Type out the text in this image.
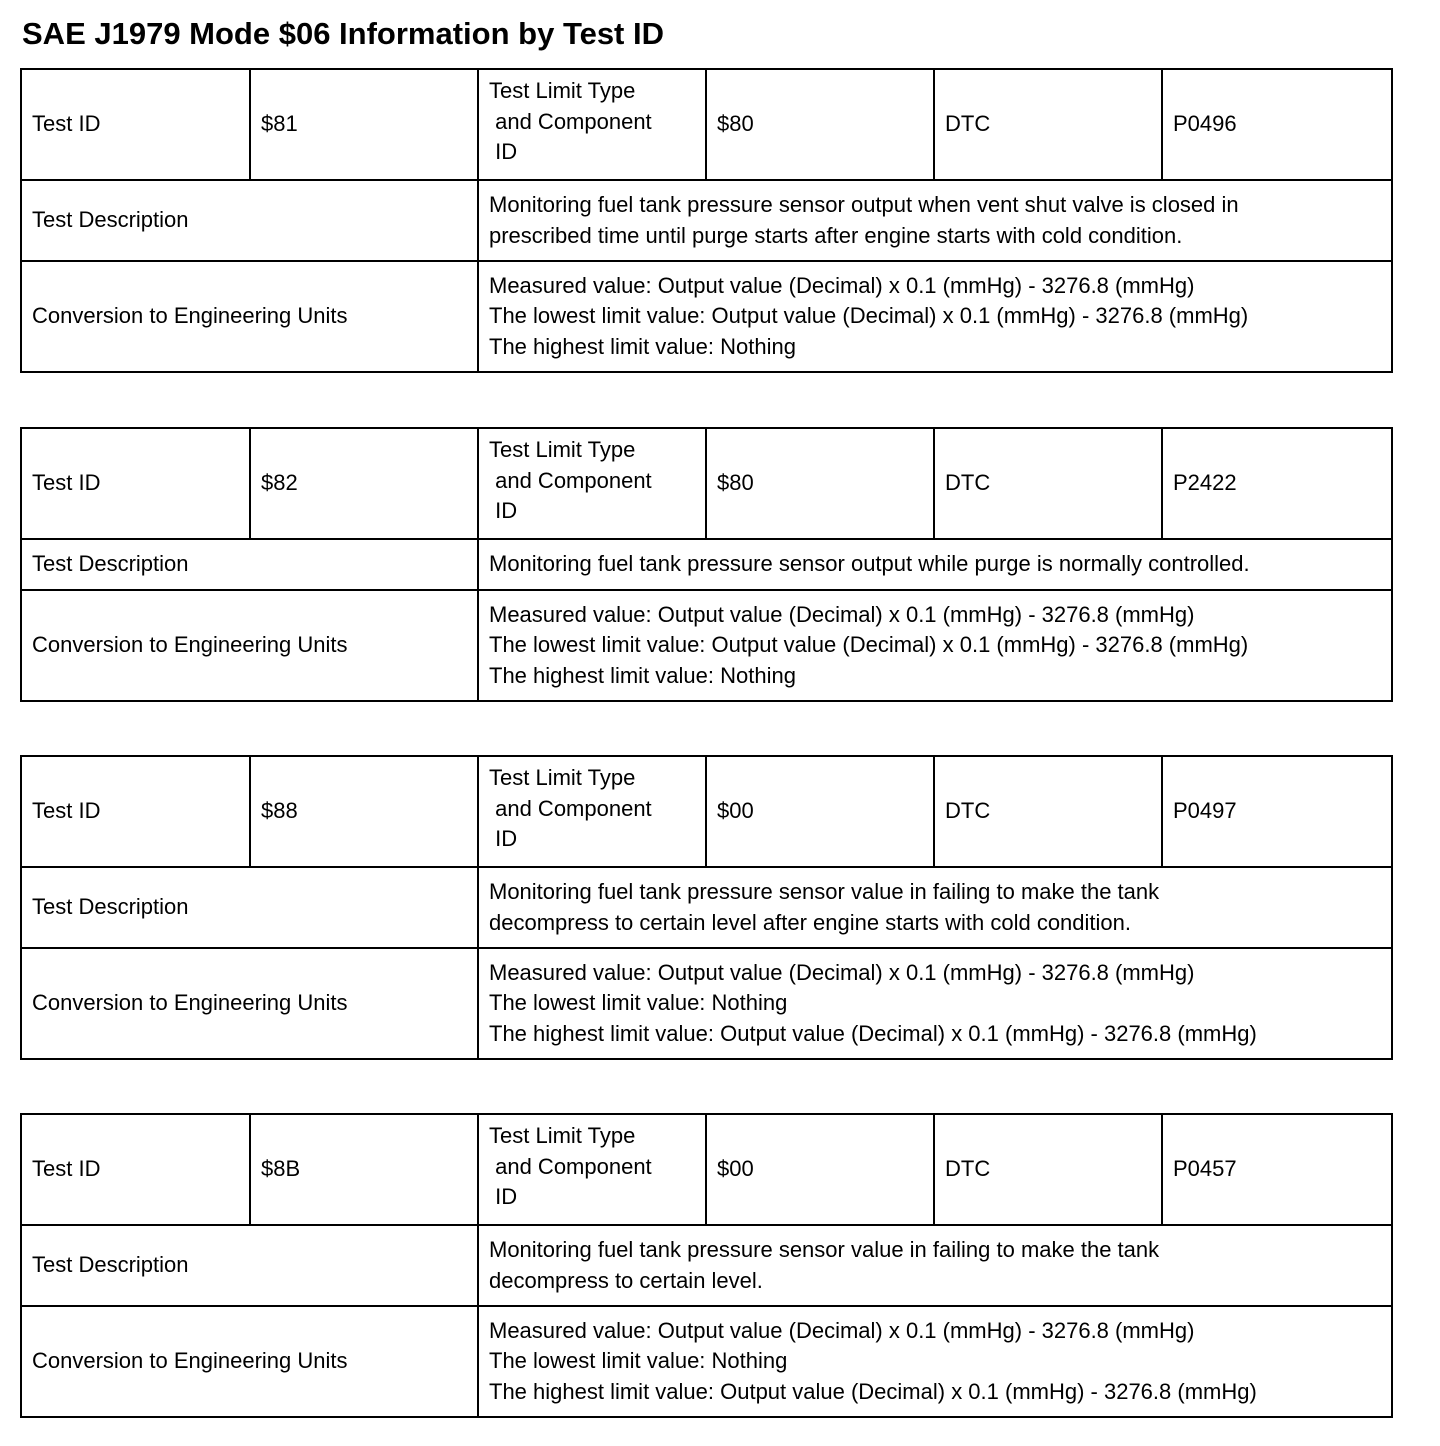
SAE J1979 Mode $06 Information by Test ID
Test ID	$81	Test Limit Type
and Component
ID	$80	DTC	P0496
Test Description		Monitoring fuel tank pressure sensor output when vent shut valve is closed in
prescribed time until purge starts after engine starts with cold condition.			

Conversion to Engineering Units		Measured value: Output value (Decimal) x 0.1 (mmHg) - 3276.8 (mmHg)
The lowest limit value: Output value (Decimal) x 0.1 (mmHg) - 3276.8 (mmHg)
The highest limit value: Nothing			
Test ID	$82	Test Limit Type
and Component
ID	$80	DTC	P2422
Test Description		Monitoring fuel tank pressure sensor output while purge is normally controlled.			

Conversion to Engineering Units		Measured value: Output value (Decimal) x 0.1 (mmHg) - 3276.8 (mmHg)
The lowest limit value: Output value (Decimal) x 0.1 (mmHg) - 3276.8 (mmHg)
The highest limit value: Nothing			
Test ID	$88	Test Limit Type
and Component
ID	$00	DTC	P0497
Test Description		Monitoring fuel tank pressure sensor value in failing to make the tank
decompress to certain level after engine starts with cold condition.			

Conversion to Engineering Units		Measured value: Output value (Decimal) x 0.1 (mmHg) - 3276.8 (mmHg)
The lowest limit value: Nothing
The highest limit value: Output value (Decimal) x 0.1 (mmHg) - 3276.8 (mmHg)			
Test ID	$8B	Test Limit Type
and Component
ID	$00	DTC	P0457
Test Description		Monitoring fuel tank pressure sensor value in failing to make the tank
decompress to certain level.			

Conversion to Engineering Units		Measured value: Output value (Decimal) x 0.1 (mmHg) - 3276.8 (mmHg)
The lowest limit value: Nothing
The highest limit value: Output value (Decimal) x 0.1 (mmHg) - 3276.8 (mmHg)			
